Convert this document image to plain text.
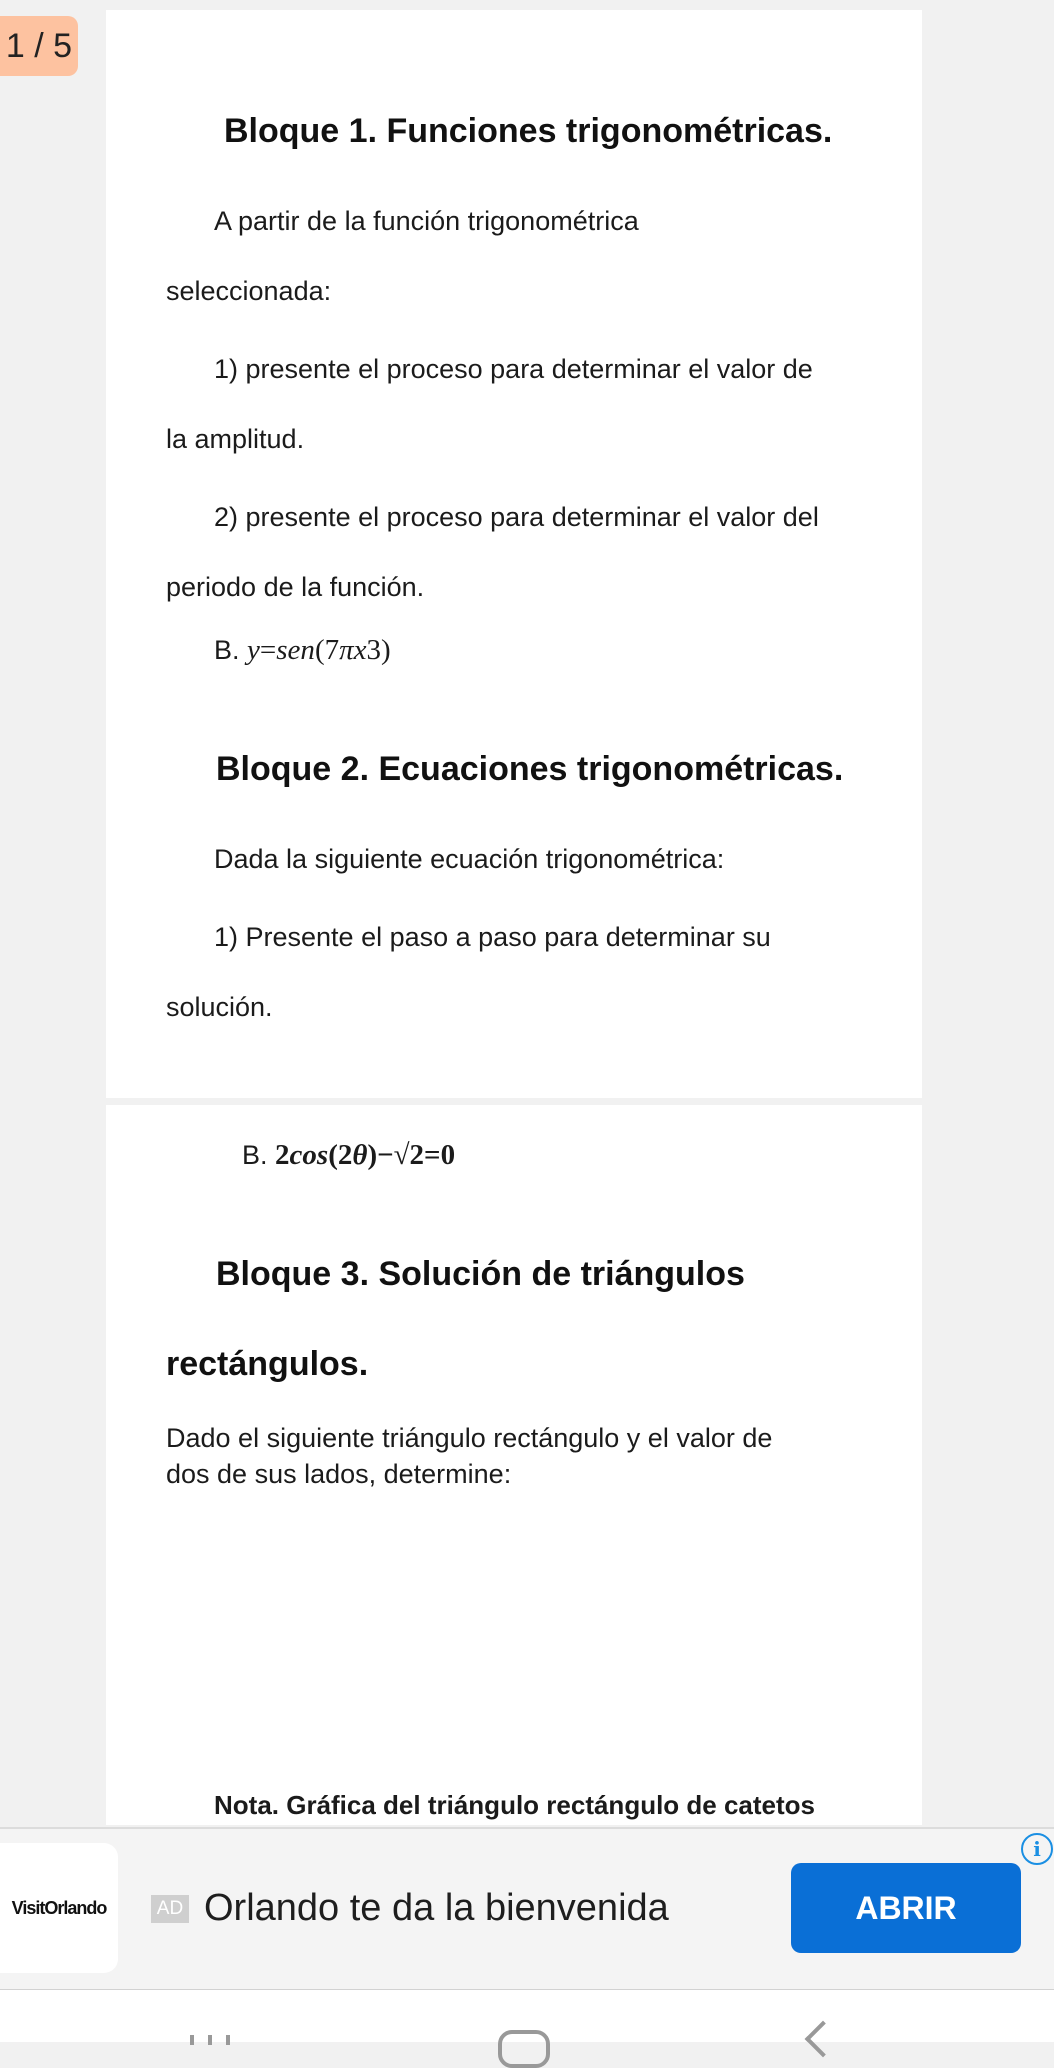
1 / 5
Bloque 1. Funciones trigonométricas.
A partir de la función trigonométrica
seleccionada:
1) presente el proceso para determinar el valor de
la amplitud.
2) presente el proceso para determinar el valor del
periodo de la función.
B. y=sen(7πx3)
Bloque 2. Ecuaciones trigonométricas.
Dada la siguiente ecuación trigonométrica:
1) Presente el paso a paso para determinar su
solución.
B. 2cos(2θ)−√2=0
Bloque 3. Solución de triángulos
rectángulos.
Dado el siguiente triángulo rectángulo y el valor de
dos de sus lados, determine:
Nota. Gráfica del triángulo rectángulo de catetos
i
VisitOrlando	AD Orlando te da la bienvenida	ABRIR
